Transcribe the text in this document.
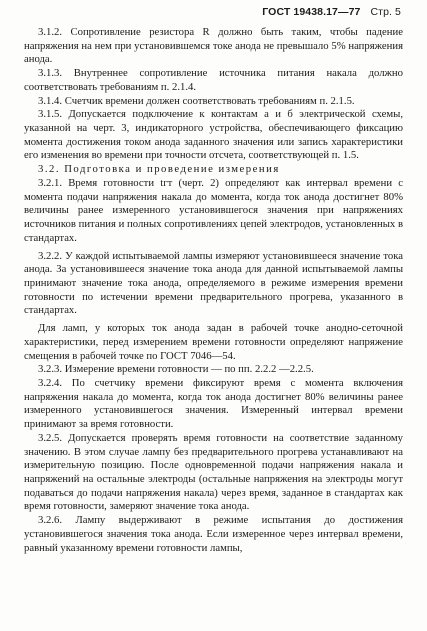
ГОСТ 19438.17—77 Стр. 5

3.1.2. Сопротивление резистора R должно быть таким, чтобы падение напряжения на нем при установившемся токе анода не превышало 5% напряжения анода.

3.1.3. Внутреннее сопротивление источника питания накала должно соответствовать требованиям п. 2.1.4.

3.1.4. Счетчик времени должен соответствовать требованиям п. 2.1.5.

3.1.5. Допускается подключение к контактам a и б электрической схемы, указанной на черт. 3, индикаторного устройства, обеспечивающего фиксацию момента достижения током анода заданного значения или запись характеристики его изменения во времени при точности отсчета, соответствующей п. 1.5.

3.2. Подготовка и проведение измерения

3.2.1. Время готовности tгт (черт. 2) определяют как интервал времени с момента подачи напряжения накала до момента, когда ток анода достигнет 80% величины ранее измеренного установившегося значения при напряжениях источников питания и полных сопротивлениях цепей электродов, установленных в стандартах.

3.2.2. У каждой испытываемой лампы измеряют установившееся значение тока анода. За установившееся значение тока анода для данной испытываемой лампы принимают значение тока анода, определяемого в режиме измерения времени готовности по истечении времени предварительного прогрева, указанного в стандартах.

Для ламп, у которых ток анода задан в рабочей точке анодно-сеточной характеристики, перед измерением времени готовности определяют напряжение смещения в рабочей точке по ГОСТ 7046—54.

3.2.3. Измерение времени готовности — по пп. 2.2.2 —2.2.5.

3.2.4. По счетчику времени фиксируют время с момента включения напряжения накала до момента, когда ток анода достигнет 80% величины ранее измеренного установившегося значения. Измеренный интервал времени принимают за время готовности.

3.2.5. Допускается проверять время готовности на соответствие заданному значению. В этом случае лампу без предварительного прогрева устанавливают на измерительную позицию. После одновременной подачи напряжения накала и напряжений на остальные электроды (остальные напряжения на электроды могут подаваться до подачи напряжения накала) через время, заданное в стандартах как время готовности, замеряют значение тока анода.

3.2.6. Лампу выдерживают в режиме испытания до достижения установившегося значения тока анода. Если измеренное через интервал времени, равный указанному времени готовности лампы,
